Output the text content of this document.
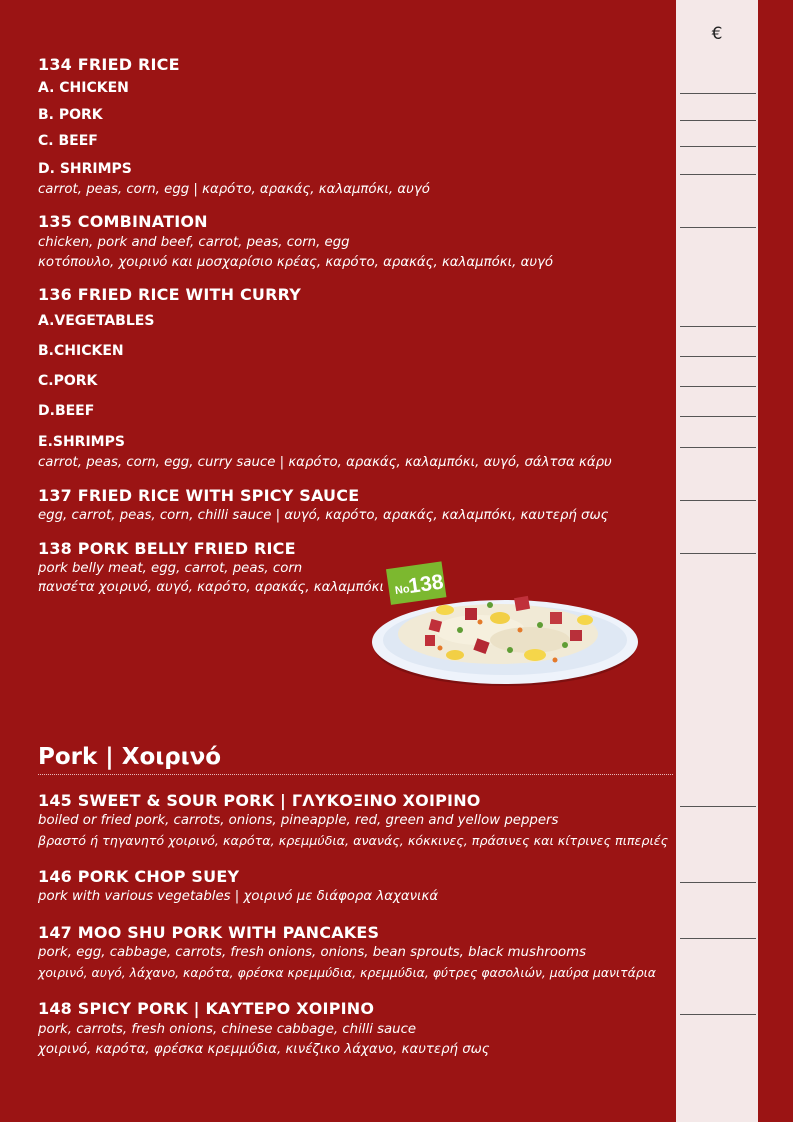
€
134 FRIED RICE
A. CHICKEN
B. PORK
C. BEEF
D. SHRIMPS
carrot, peas, corn, egg | καρότο, αρακάς, καλαμπόκι, αυγό
135 COMBINATION
chicken, pork and beef, carrot, peas, corn, egg
κοτόπουλο, χοιρινό και μοσχαρίσιο κρέας, καρότο, αρακάς, καλαμπόκι, αυγό
136 FRIED RICE WITH CURRY
A.VEGETABLES
B.CHICKEN
C.PORK
D.BEEF
E.SHRIMPS
carrot, peas, corn, egg, curry sauce | καρότο, αρακάς, καλαμπόκι, αυγό, σάλτσα κάρυ
137 FRIED RICE WITH SPICY SAUCE
egg, carrot, peas, corn, chilli sauce | αυγό, καρότο, αρακάς, καλαμπόκι, καυτερή σως
138 PORK BELLY FRIED RICE
pork belly meat, egg, carrot, peas, corn
πανσέτα χοιρινό, αυγό, καρότο, αρακάς, καλαμπόκι No
138
Pork | Χοιρινό
145 SWEET & SOUR PORK | ΓΛΥΚΟΞΙΝΟ ΧΟΙΡΙΝΟ
boiled or fried pork, carrots, onions, pineapple, red, green and yellow peppers
βραστό ή τηγανητό χοιρινό, καρότα, κρεμμύδια, ανανάς, κόκκινες, πράσινες και κίτρινες πιπεριές
146 PORK CHOP SUEY
pork with various vegetables | χοιρινό με διάφορα λαχανικά
147 MOO SHU PORK WITH PANCAKES
pork, egg, cabbage, carrots, fresh onions, onions, bean sprouts, black mushrooms
χοιρινό, αυγό, λάχανο, καρότα, φρέσκα κρεμμύδια, κρεμμύδια, φύτρες φασολιών, μαύρα μανιτάρια
148 SPICY PORK | ΚΑΥΤΕΡΟ ΧΟΙΡΙΝΟ
pork, carrots, fresh onions, chinese cabbage, chilli sauce
χοιρινό, καρότα, φρέσκα κρεμμύδια, κινέζικο λάχανο, καυτερή σως
